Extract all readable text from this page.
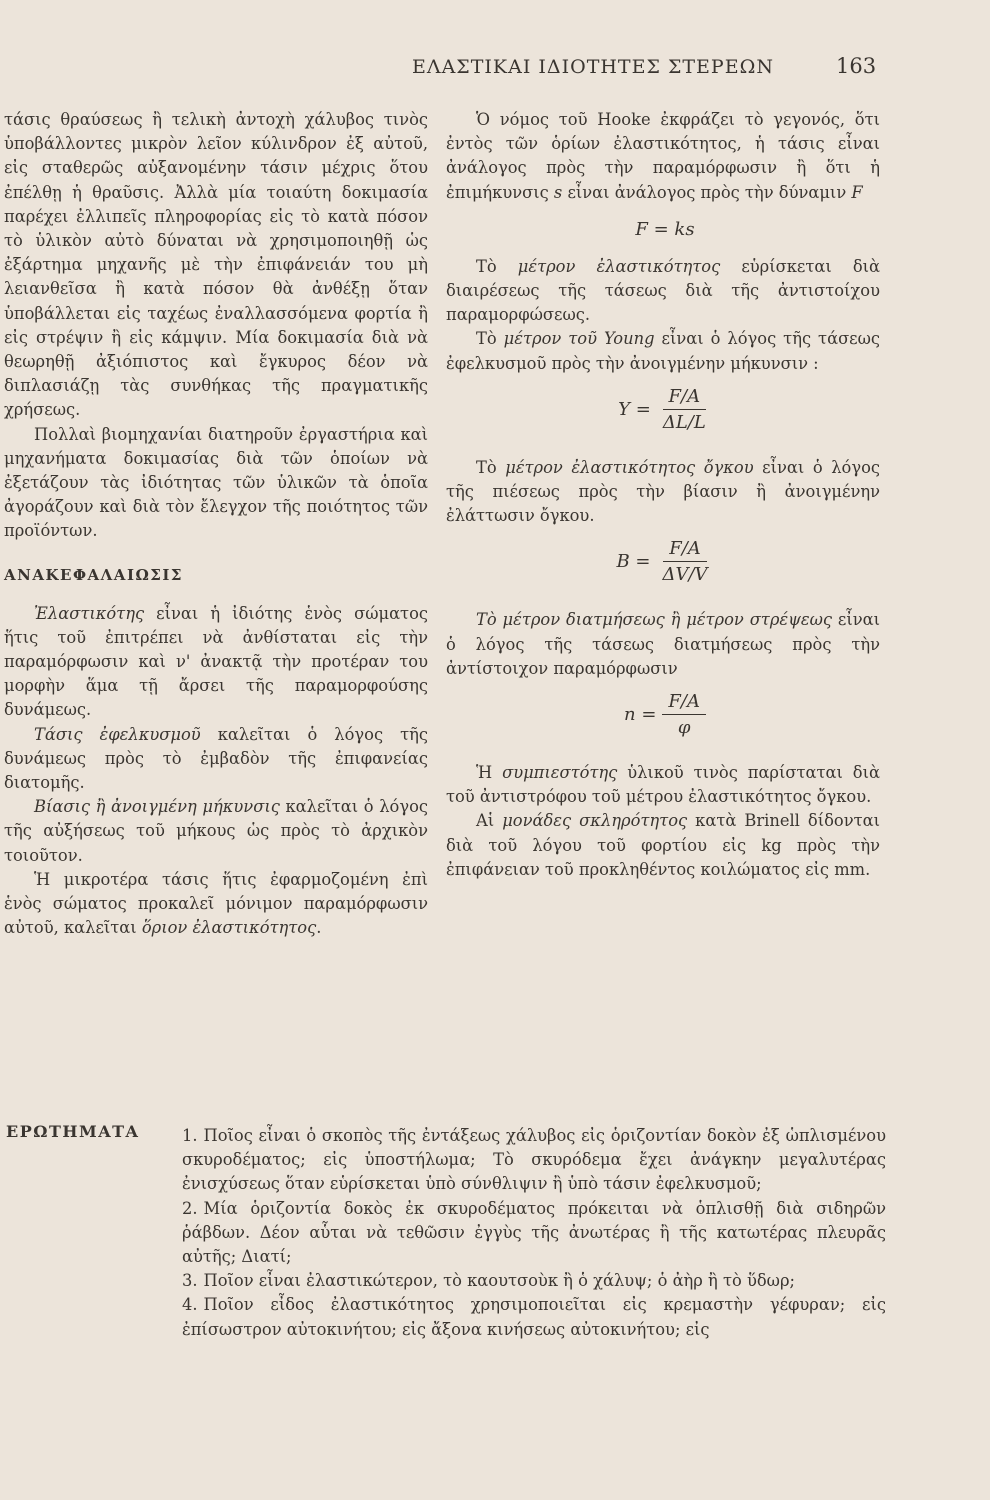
ΕΛΑΣΤΙΚΑΙ ΙΔΙΟΤΗΤΕΣ ΣΤΕΡΕΩΝ	163

τάσις θραύσεως ἢ τελικὴ ἀντοχὴ χάλυβος τινὸς ὑποβάλλοντες μικρὸν λεῖον κύλινδρον ἐξ αὐτοῦ, εἰς σταθερῶς αὐξανομένην τάσιν μέχρις ὅτου ἐπέλθῃ ἡ θραῦσις. Ἀλλὰ μία τοιαύτη δοκιμασία παρέχει ἐλλιπεῖς πληροφορίας εἰς τὸ κατὰ πόσον τὸ ὑλικὸν αὐτὸ δύναται νὰ χρησιμοποιηθῇ ὡς ἐξάρτημα μηχανῆς μὲ τὴν ἐπιφάνειάν του μὴ λειανθεῖσα ἢ κατὰ πόσον θὰ ἀνθέξῃ ὅταν ὑποβάλλεται εἰς ταχέως ἐναλλασσόμενα φορτία ἢ εἰς στρέψιν ἢ εἰς κάμψιν. Μία δοκιμασία διὰ νὰ θεωρηθῇ ἀξιόπιστος καὶ ἔγκυρος δέον νὰ διπλασιάζῃ τὰς συνθήκας τῆς πραγματικῆς χρήσεως.

Πολλαὶ βιομηχανίαι διατηροῦν ἐργαστήρια καὶ μηχανήματα δοκιμασίας διὰ τῶν ὁποίων νὰ ἐξετάζουν τὰς ἰδιότητας τῶν ὑλικῶν τὰ ὁποῖα ἀγοράζουν καὶ διὰ τὸν ἔλεγχον τῆς ποιότητος τῶν προϊόντων.

ΑΝΑΚΕΦΑΛΑΙΩΣΙΣ

Ἐλαστικότης εἶναι ἡ ἰδιότης ἑνὸς σώματος ἥτις τοῦ ἐπιτρέπει νὰ ἀνθίσταται εἰς τὴν παραμόρφωσιν καὶ ν' ἀνακτᾷ τὴν προτέραν του μορφὴν ἅμα τῇ ἄρσει τῆς παραμορφούσης δυνάμεως.

Τάσις ἐφελκυσμοῦ καλεῖται ὁ λόγος τῆς δυνάμεως πρὸς τὸ ἐμβαδὸν τῆς ἐπιφανείας διατομῆς.

Βίασις ἢ ἀνοιγμένη μήκυνσις καλεῖται ὁ λόγος τῆς αὐξήσεως τοῦ μήκους ὡς πρὸς τὸ ἀρχικὸν τοιοῦτον.

Ἡ μικροτέρα τάσις ἥτις ἐφαρμοζομένη ἐπὶ ἑνὸς σώματος προκαλεῖ μόνιμον παραμόρφωσιν αὐτοῦ, καλεῖται ὅριον ἐλαστικότητος.

Ὁ νόμος τοῦ Hooke ἐκφράζει τὸ γεγονός, ὅτι ἐντὸς τῶν ὁρίων ἐλαστικότητος, ἡ τάσις εἶναι ἀνάλογος πρὸς τὴν παραμόρφωσιν ἢ ὅτι ἡ ἐπιμήκυνσις s εἶναι ἀνάλογος πρὸς τὴν δύναμιν F

F = ks

Τὸ μέτρον ἐλαστικότητος εὑρίσκεται διὰ διαιρέσεως τῆς τάσεως διὰ τῆς ἀντιστοίχου παραμορφώσεως.

Τὸ μέτρον τοῦ Young εἶναι ὁ λόγος τῆς τάσεως ἐφελκυσμοῦ πρὸς τὴν ἀνοιγμένην μήκυνσιν :

$Y = \frac{F/A}{\Delta L/L}$

Τὸ μέτρον ἐλαστικότητος ὄγκου εἶναι ὁ λόγος τῆς πιέσεως πρὸς τὴν βίασιν ἢ ἀνοιγμένην ἐλάττωσιν ὄγκου.

$B = \frac{F/A}{\Delta V/V}$

Τὸ μέτρον διατμήσεως ἢ μέτρον στρέψεως εἶναι ὁ λόγος τῆς τάσεως διατμήσεως πρὸς τὴν ἀντίστοιχον παραμόρφωσιν

$n = \frac{F/A}{\varphi}$

Ἡ συμπιεστότης ὑλικοῦ τινὸς παρίσταται διὰ τοῦ ἀντιστρόφου τοῦ μέτρου ἐλαστικότητος ὄγκου.

Αἱ μονάδες σκληρότητος κατὰ Brinell δίδονται διὰ τοῦ λόγου τοῦ φορτίου εἰς kg πρὸς τὴν ἐπιφάνειαν τοῦ προκληθέντος κοιλώματος εἰς mm.

ΕΡΩΤΗΜΑΤΑ	1. Ποῖος εἶναι ὁ σκοπὸς τῆς ἐντάξεως χάλυβος εἰς ὁριζοντίαν δοκὸν ἐξ ὡπλισμένου σκυροδέματος; εἰς ὑποστήλωμα; Τὸ σκυρόδεμα ἔχει ἀνάγκην μεγαλυτέρας ἐνισχύσεως ὅταν εὑρίσκεται ὑπὸ σύνθλιψιν ἢ ὑπὸ τάσιν ἐφελκυσμοῦ;

2. Μία ὁριζοντία δοκὸς ἐκ σκυροδέματος πρόκειται νὰ ὁπλισθῇ διὰ σιδηρῶν ῥάβδων. Δέον αὗται νὰ τεθῶσιν ἐγγὺς τῆς ἀνωτέρας ἢ τῆς κατωτέρας πλευρᾶς αὐτῆς; Διατί;

3. Ποῖον εἶναι ἐλαστικώτερον, τὸ καουτσοὺκ ἢ ὁ χάλυψ; ὁ ἀὴρ ἢ τὸ ὕδωρ;

4. Ποῖον εἶδος ἐλαστικότητος χρησιμοποιεῖται εἰς κρεμαστὴν γέφυραν; εἰς ἐπίσωστρον αὐτοκινήτου; εἰς ἄξονα κινήσεως αὐτοκινήτου; εἰς
